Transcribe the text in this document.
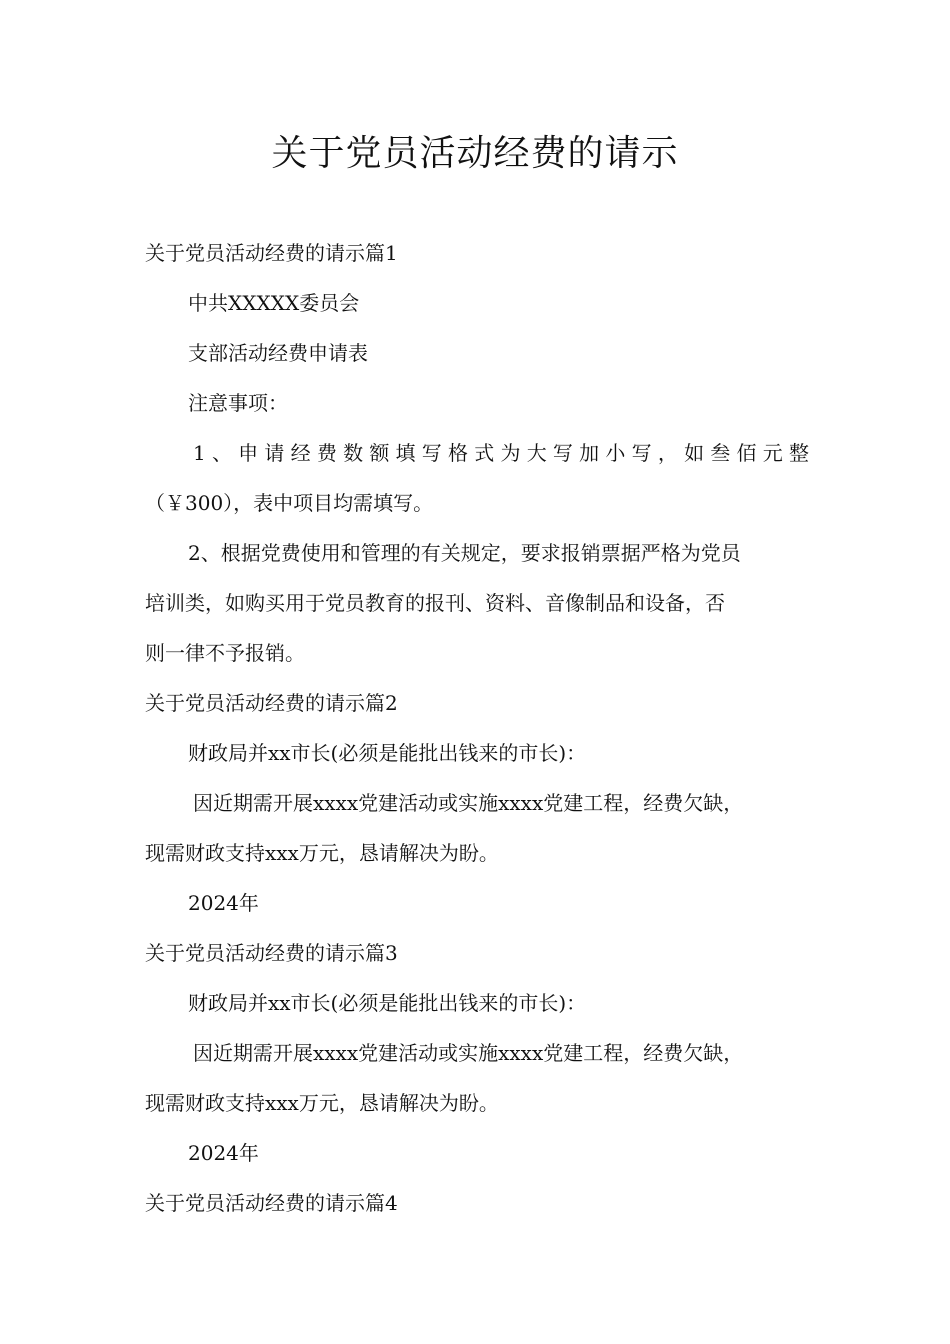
关于党员活动经费的请示

关于党员活动经费的请示篇1

中共XXXXX委员会

支部活动经费申请表

注意事项：

1、申请经费数额填写格式为大写加小写，如叁佰元整

（￥300），表中项目均需填写。

2、根据党费使用和管理的有关规定，要求报销票据严格为党员

培训类，如购买用于党员教育的报刊、资料、音像制品和设备，否

则一律不予报销。

关于党员活动经费的请示篇2

财政局并xx市长(必须是能批出钱来的市长)：

因近期需开展xxxx党建活动或实施xxxx党建工程，经费欠缺，

现需财政支持xxx万元，恳请解决为盼。

2024年

关于党员活动经费的请示篇3

财政局并xx市长(必须是能批出钱来的市长)：

因近期需开展xxxx党建活动或实施xxxx党建工程，经费欠缺，

现需财政支持xxx万元，恳请解决为盼。

2024年

关于党员活动经费的请示篇4
